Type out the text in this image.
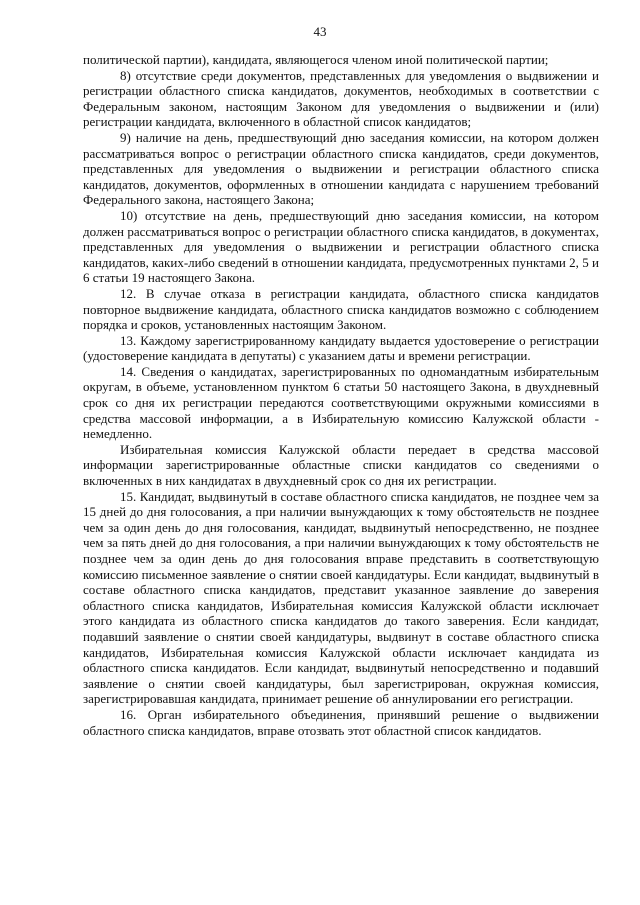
43

политической партии), кандидата, являющегося членом иной политической партии;

8) отсутствие среди документов, представленных для уведомления о выдвижении и регистрации областного списка кандидатов, документов, необходимых в соответствии с Федеральным законом, настоящим Законом для уведомления о выдвижении и (или) регистрации кандидата, включенного в областной список кандидатов;

9) наличие на день, предшествующий дню заседания комиссии, на котором должен рассматриваться вопрос о регистрации областного списка кандидатов, среди документов, представленных для уведомления о выдвижении и регистрации областного списка кандидатов, документов, оформленных в отношении кандидата с нарушением требований Федерального закона, настоящего Закона;

10) отсутствие на день, предшествующий дню заседания комиссии, на котором должен рассматриваться вопрос о регистрации областного списка кандидатов, в документах, представленных для уведомления о выдвижении и регистрации областного списка кандидатов, каких-либо сведений в отношении кандидата, предусмотренных пунктами 2, 5 и 6 статьи 19 настоящего Закона.

12. В случае отказа в регистрации кандидата, областного списка кандидатов повторное выдвижение кандидата, областного списка кандидатов возможно с соблюдением порядка и сроков, установленных настоящим Законом.

13. Каждому зарегистрированному кандидату выдается удостоверение о регистрации (удостоверение кандидата в депутаты) с указанием даты и времени регистрации.

14. Сведения о кандидатах, зарегистрированных по одномандатным избирательным округам, в объеме, установленном пунктом 6 статьи 50 настоящего Закона, в двухдневный срок со дня их регистрации передаются соответствующими окружными комиссиями в средства массовой информации, а в Избирательную комиссию Калужской области - немедленно.

Избирательная комиссия Калужской области передает в средства массовой информации зарегистрированные областные списки кандидатов со сведениями о включенных в них кандидатах в двухдневный срок со дня их регистрации.

15. Кандидат, выдвинутый в составе областного списка кандидатов, не позднее чем за 15 дней до дня голосования, а при наличии вынуждающих к тому обстоятельств не позднее чем за один день до дня голосования, кандидат, выдвинутый непосредственно, не позднее чем за пять дней до дня голосования, а при наличии вынуждающих к тому обстоятельств не позднее чем за один день до дня голосования вправе представить в соответствующую комиссию письменное заявление о снятии своей кандидатуры. Если кандидат, выдвинутый в составе областного списка кандидатов, представит указанное заявление до заверения областного списка кандидатов, Избирательная комиссия Калужской области исключает этого кандидата из областного списка кандидатов до такого заверения. Если кандидат, подавший заявление о снятии своей кандидатуры, выдвинут в составе областного списка кандидатов, Избирательная комиссия Калужской области исключает кандидата из областного списка кандидатов. Если кандидат, выдвинутый непосредственно и подавший заявление о снятии своей кандидатуры, был зарегистрирован, окружная комиссия, зарегистрировавшая кандидата, принимает решение об аннулировании его регистрации.

16. Орган избирательного объединения, принявший решение о выдвижении областного списка кандидатов, вправе отозвать этот областной список кандидатов.
